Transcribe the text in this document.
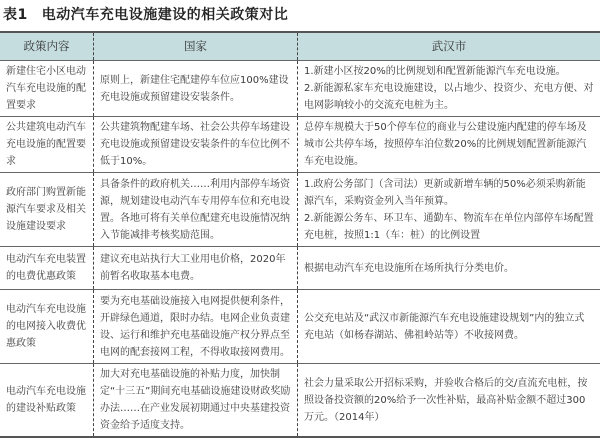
表1 电动汽车充电设施建设的相关政策对比
政策内容	国家	武汉市
新建住宅小区电动汽车充电设施的配置要求	原则上，新建住宅配建停车位应100%建设充电设施或预留建设安装条件。	1.新建小区按20%的比例规划和配置新能源汽车充电设施。

2.新能源私家车充电设施建设，以占地少、投资少、充电方便、对电网影响较小的交流充电桩为主。

公共建筑电动汽车充电设施的配置要求	公共建筑物配建车场、社会公共停车场建设充电设施或预留建设安装条件的车位比例不低于10%。	总停车规模大于50个停车位的商业与公建设施内配建的停车场及城市公共停车场，按照停车泊位数20%的比例规划配置新能源汽车充电设施。

政府部门购置新能源汽车要求及相关设施建设要求	具备条件的政府机关……利用内部停车场资源，规划建设电动汽车专用停车位和充电设置。各地可将有关单位配建充电设施情况纳入节能减排考核奖励范围。	1.政府公务部门（含司法）更新或新增车辆的50%必须采购新能源汽车，采购资金列入当年预算。

2.新能源公务车、环卫车、通勤车、物流车在单位内部停车场配置充电桩，按照1:1（车：桩）的比例设置

电动汽车充电装置的电费优惠政策	建议充电站执行大工业用电价格，2020年前暂名收取基本电费。	根据电动汽车充电设施所在场所执行分类电价。

电动汽车充电设施的电网接入收费优惠政策	要为充电基础设施接入电网提供便利条件，开辟绿色通道，限时办结。电网企业负责建设、运行和维护充电基础设施产权分界点至电网的配套接网工程，不得收取接网费用。	公交充电站及“武汉市新能源汽车充电设施建设规划”内的独立式充电站（如杨春湖站、佛祖岭站等）不收接网费。

电动汽车充电设施的建设补贴政策	加大对充电基础设施的补贴力度，加快制定“十三五”期间充电基础设施建设财政奖励办法……在产业发展初期通过中央基建投资资金给予适度支持。	社会力量采取公开招标采购，并验收合格后的交/直流充电桩，按照设备投资额的20%给予一次性补贴，最高补贴金额不超过300万元。（2014年）
